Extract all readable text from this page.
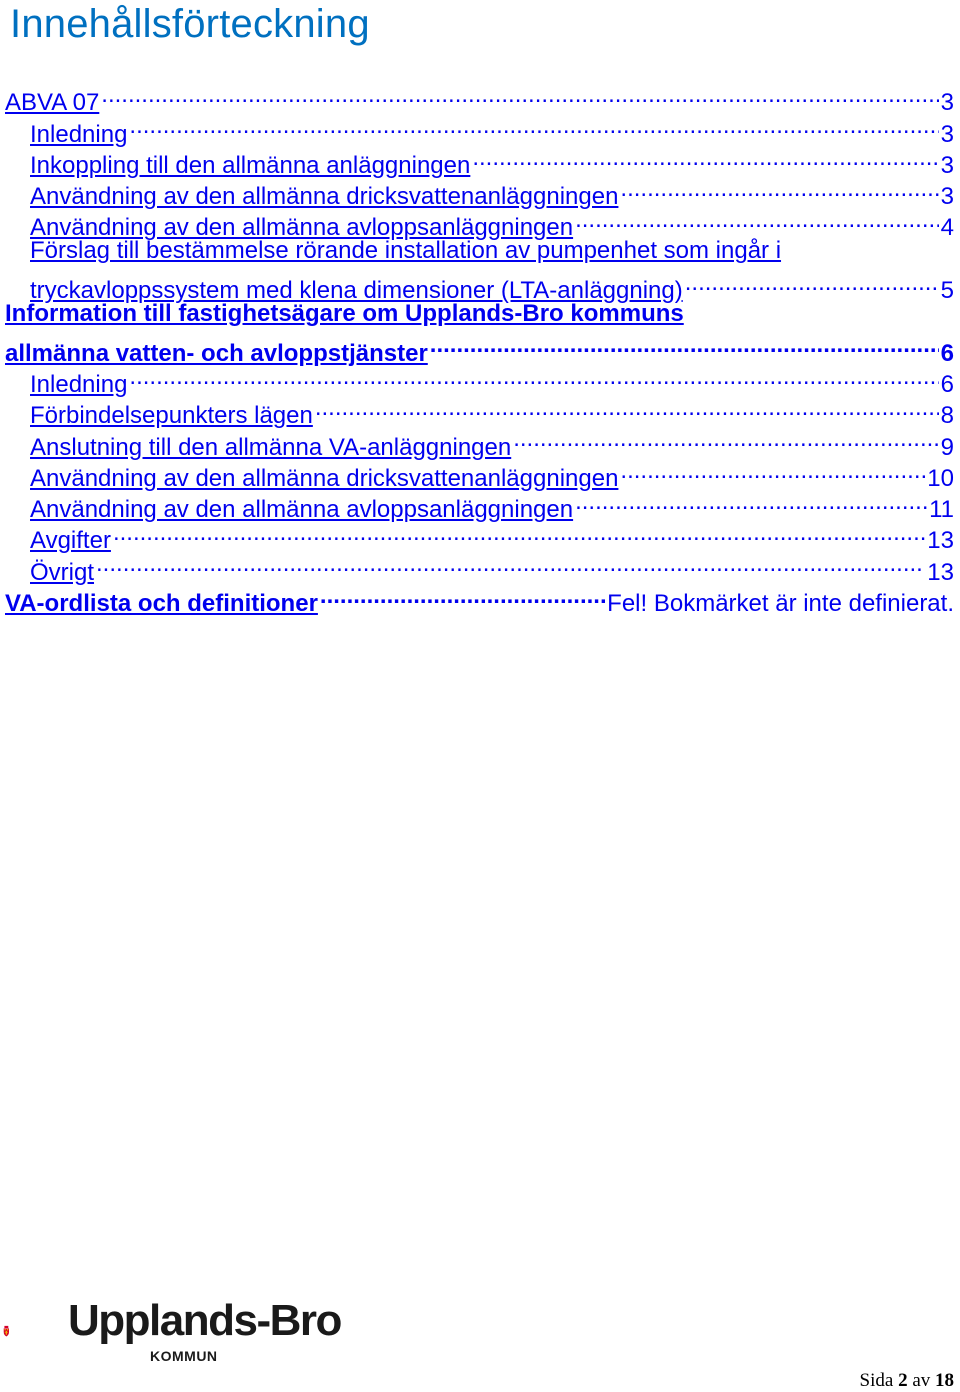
Innehållsförteckning
ABVA 07 .....	3
Inledning .....	3
Inkoppling till den allmänna anläggningen .....	3
Användning av den allmänna dricksvattenanläggningen .....	3
Användning av den allmänna avloppsanläggningen .....	4
Förslag till bestämmelse rörande installation av pumpenhet som ingår i
tryckavloppssystem med klena dimensioner (LTA-anläggning) .....	5
Information till fastighetsägare om Upplands-Bro kommuns
allmänna vatten- och avloppstjänster .....	6
Inledning .....	6
Förbindelsepunkters lägen .....	8
Anslutning till den allmänna VA-anläggningen .....	9
Användning av den allmänna dricksvattenanläggningen .....	10
Användning av den allmänna avloppsanläggningen .....	11
Avgifter .....	13
Övrigt .....	13
VA-ordlista och definitioner .....	Fel! Bokmärket är inte definierat.
Upplands-Bro
KOMMUN
Sida 2 av 18
